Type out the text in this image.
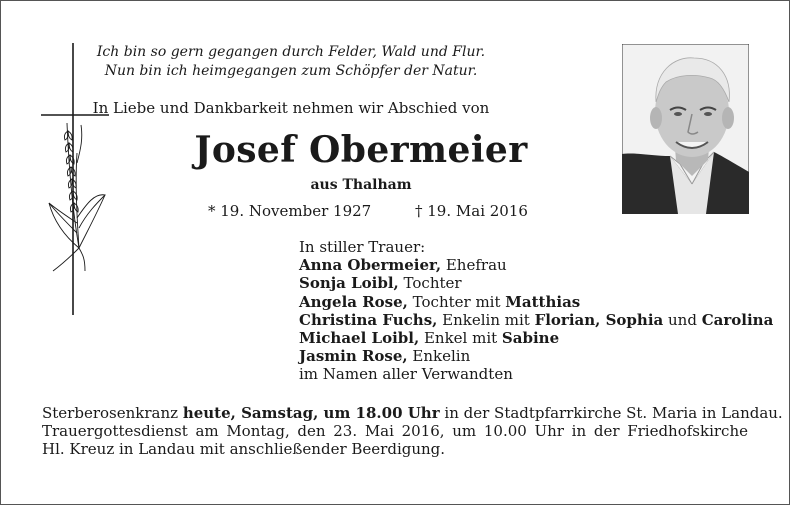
Ich bin so gern gegangen durch Felder, Wald und Flur.
Nun bin ich heimgegangen zum Schöpfer der Natur.
In Liebe und Dankbarkeit nehmen wir Abschied von
Josef Obermeier
aus Thalham
* 19. November 1927	† 19. Mai 2016
In stiller Trauer:
Anna Obermeier, Ehefrau
Sonja Loibl, Tochter
Angela Rose, Tochter mit Matthias
Christina Fuchs, Enkelin mit Florian, Sophia und Carolina
Michael Loibl, Enkel mit Sabine
Jasmin Rose, Enkelin
im Namen aller Verwandten
Sterberosenkranz heute, Samstag, um 18.00 Uhr in der Stadtpfarrkirche St. Maria in Landau.
Trauergottesdienst am Montag, den 23. Mai 2016, um 10.00 Uhr in der Friedhofskirche
Hl. Kreuz in Landau mit anschließender Beerdigung.
